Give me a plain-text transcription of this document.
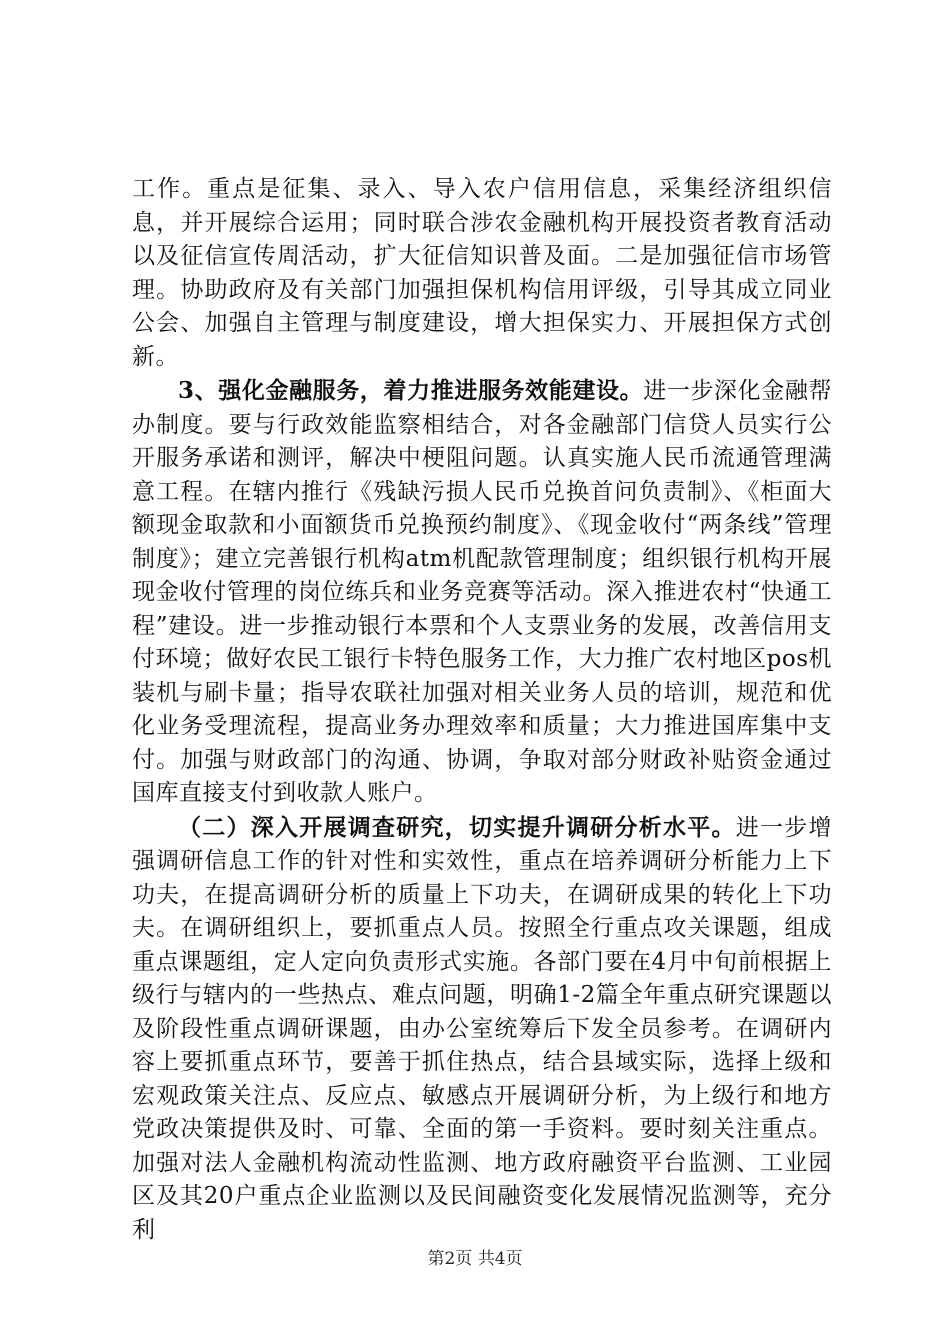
工作。重点是征集、录入、导入农户信用信息，采集经济组织信息，并开展综合运用；同时联合涉农金融机构开展投资者教育活动以及征信宣传周活动，扩大征信知识普及面。二是加强征信市场管理。协助政府及有关部门加强担保机构信用评级，引导其成立同业公会、加强自主管理与制度建设，增大担保实力、开展担保方式创新。

3、强化金融服务，着力推进服务效能建设。进一步深化金融帮办制度。要与行政效能监察相结合，对各金融部门信贷人员实行公开服务承诺和测评，解决中梗阻问题。认真实施人民币流通管理满意工程。在辖内推行《残缺污损人民币兑换首问负责制》、《柜面大额现金取款和小面额货币兑换预约制度》、《现金收付“两条线”管理制度》；建立完善银行机构atm机配款管理制度；组织银行机构开展现金收付管理的岗位练兵和业务竞赛等活动。深入推进农村“快通工程”建设。进一步推动银行本票和个人支票业务的发展，改善信用支付环境；做好农民工银行卡特色服务工作，大力推广农村地区pos机装机与刷卡量；指导农联社加强对相关业务人员的培训，规范和优化业务受理流程，提高业务办理效率和质量；大力推进国库集中支付。加强与财政部门的沟通、协调，争取对部分财政补贴资金通过国库直接支付到收款人账户。

（二）深入开展调查研究，切实提升调研分析水平。进一步增强调研信息工作的针对性和实效性，重点在培养调研分析能力上下功夫，在提高调研分析的质量上下功夫，在调研成果的转化上下功夫。在调研组织上，要抓重点人员。按照全行重点攻关课题，组成重点课题组，定人定向负责形式实施。各部门要在4月中旬前根据上级行与辖内的一些热点、难点问题，明确1-2篇全年重点研究课题以及阶段性重点调研课题，由办公室统筹后下发全员参考。在调研内容上要抓重点环节，要善于抓住热点，结合县域实际，选择上级和宏观政策关注点、反应点、敏感点开展调研分析，为上级行和地方党政决策提供及时、可靠、全面的第一手资料。要时刻关注重点。加强对法人金融机构流动性监测、地方政府融资平台监测、工业园区及其20户重点企业监测以及民间融资变化发展情况监测等，充分利

第2页 共4页
